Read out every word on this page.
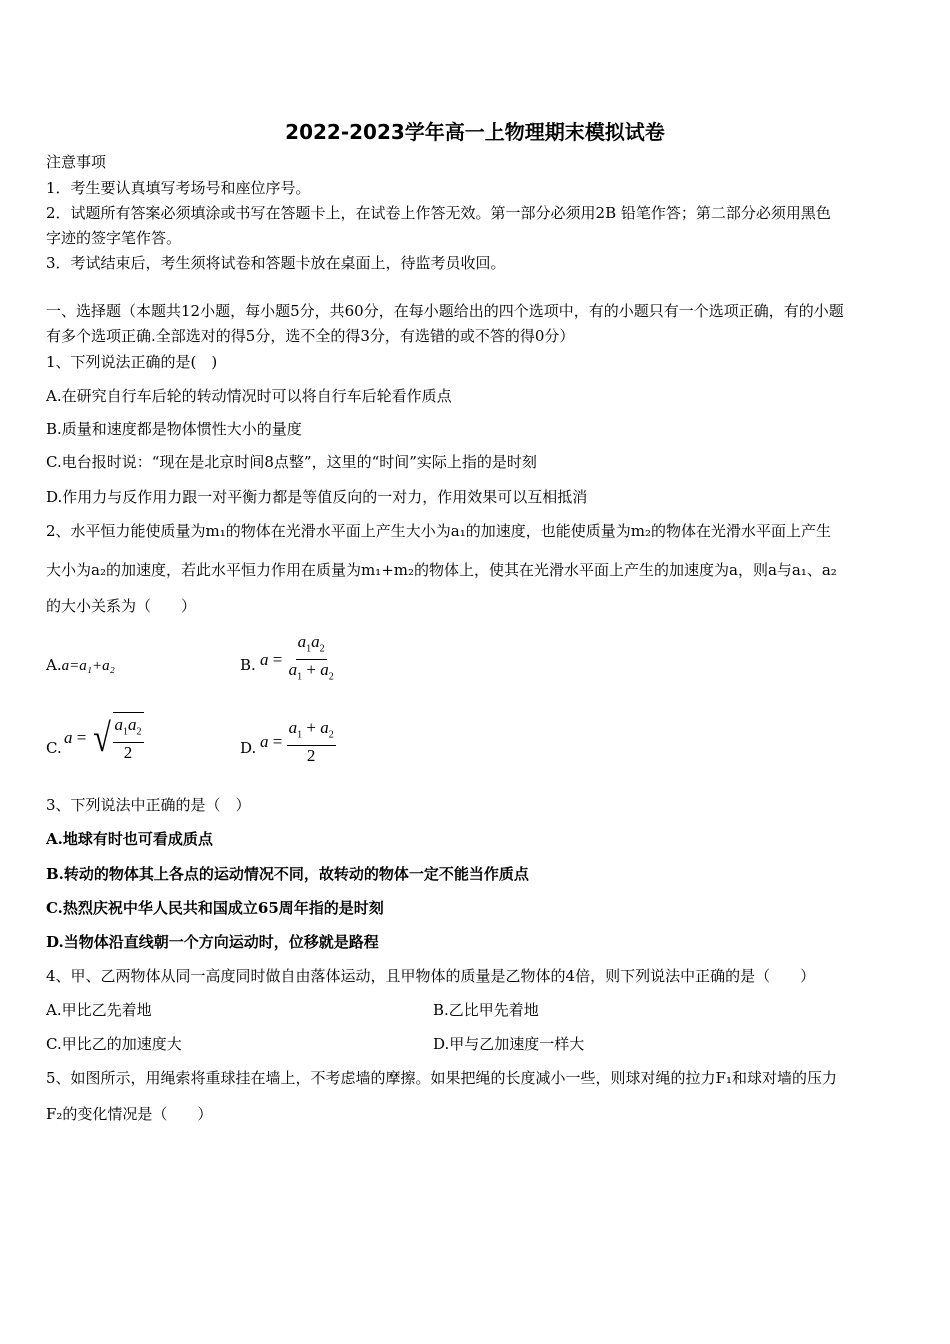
2022-2023学年高一上物理期末模拟试卷
注意事项
1．考生要认真填写考场号和座位序号。
2．试题所有答案必须填涂或书写在答题卡上，在试卷上作答无效。第一部分必须用2B 铅笔作答；第二部分必须用黑色
字迹的签字笔作答。
3．考试结束后，考生须将试卷和答题卡放在桌面上，待监考员收回。
一、选择题（本题共12小题，每小题5分，共60分，在每小题给出的四个选项中，有的小题只有一个选项正确，有的小题
有多个选项正确.全部选对的得5分，选不全的得3分，有选错的或不答的得0分）
1、下列说法正确的是(　)
A.在研究自行车后轮的转动情况时可以将自行车后轮看作质点
B.质量和速度都是物体惯性大小的量度
C.电台报时说：“现在是北京时间8点整”，这里的“时间”实际上指的是时刻
D.作用力与反作用力跟一对平衡力都是等值反向的一对力，作用效果可以互相抵消
2、水平恒力能使质量为m₁的物体在光滑水平面上产生大小为a₁的加速度，也能使质量为m₂的物体在光滑水平面上产生
大小为a₂的加速度，若此水平恒力作用在质量为m₁+m₂的物体上，使其在光滑水平面上产生的加速度为a，则a与a₁、a₂
的大小关系为（　　）
A.a=a₁+a₂	B. $a = \frac{a_1a_2}{a_1 + a_2}$
C.
a = √ $\frac{a_1a_2}{2}$	D. $a = \frac{a_1 + a_2}{2}$
3、下列说法中正确的是（　）
A.地球有时也可看成质点
B.转动的物体其上各点的运动情况不同，故转动的物体一定不能当作质点
C.热烈庆祝中华人民共和国成立65周年指的是时刻
D.当物体沿直线朝一个方向运动时，位移就是路程
4、甲、乙两物体从同一高度同时做自由落体运动，且甲物体的质量是乙物体的4倍，则下列说法中正确的是（　　）
A.甲比乙先着地	B.乙比甲先着地
C.甲比乙的加速度大	D.甲与乙加速度一样大
5、如图所示，用绳索将重球挂在墙上，不考虑墙的摩擦。如果把绳的长度减小一些，则球对绳的拉力F₁和球对墙的压力
F₂的变化情况是（　　）
